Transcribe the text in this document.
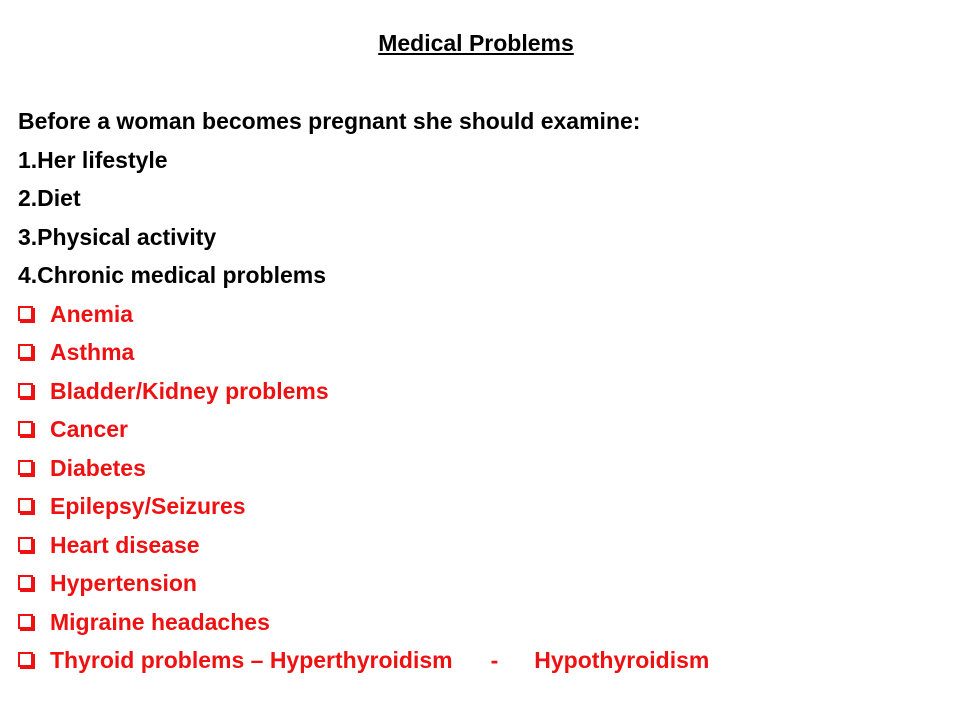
Medical Problems
Before a woman becomes pregnant she should examine:
1.Her lifestyle
2.Diet
3.Physical activity
4.Chronic medical problems
Anemia
Asthma
Bladder/Kidney problems
Cancer
Diabetes
Epilepsy/Seizures
Heart disease
Hypertension
Migraine headaches
Thyroid problems – Hyperthyroidism - Hypothyroidism
